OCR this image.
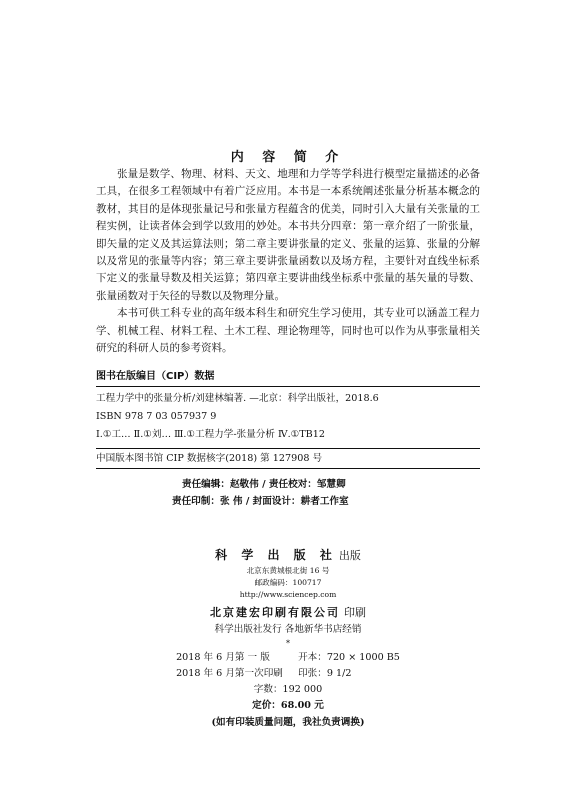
内 容 简 介

张量是数学、物理、材料、天文、地理和力学等学科进行模型定量描述的必备工具，在很多工程领域中有着广泛应用。本书是一本系统阐述张量分析基本概念的教材，其目的是体现张量记号和张量方程蕴含的优美，同时引入大量有关张量的工程实例，让读者体会到学以致用的妙处。本书共分四章：第一章介绍了一阶张量，即矢量的定义及其运算法则；第二章主要讲张量的定义、张量的运算、张量的分解以及常见的张量等内容；第三章主要讲张量函数以及场方程，主要针对直线坐标系下定义的张量导数及相关运算；第四章主要讲曲线坐标系中张量的基矢量的导数、张量函数对于矢径的导数以及物理分量。

本书可供工科专业的高年级本科生和研究生学习使用，其专业可以涵盖工程力学、机械工程、材料工程、土木工程、理论物理等，同时也可以作为从事张量相关研究的科研人员的参考资料。

图书在版编目（CIP）数据
工程力学中的张量分析/刘建林编著. —北京：科学出版社，2018.6
ISBN 978 7 03 057937 9
Ⅰ.①工… Ⅱ.①刘… Ⅲ.①工程力学-张量分析 Ⅳ.①TB12
中国版本图书馆 CIP 数据核字(2018) 第 127908 号
责任编辑：赵敬伟 / 责任校对：邹慧卿
责任印制：张 伟 / 封面设计：耕者工作室
科 学 出 版 社 出版
北京东黄城根北街 16 号
邮政编码：100717
http://www.sciencep.com
北京建宏印刷有限公司 印刷
科学出版社发行 各地新华书店经销
*
2018 年 6 月第 一 版	开本：720 × 1000 B5
2018 年 6 月第一次印刷 印张：9 1/2
字数：192 000
定价：68.00 元
(如有印装质量问题，我社负责调换)
